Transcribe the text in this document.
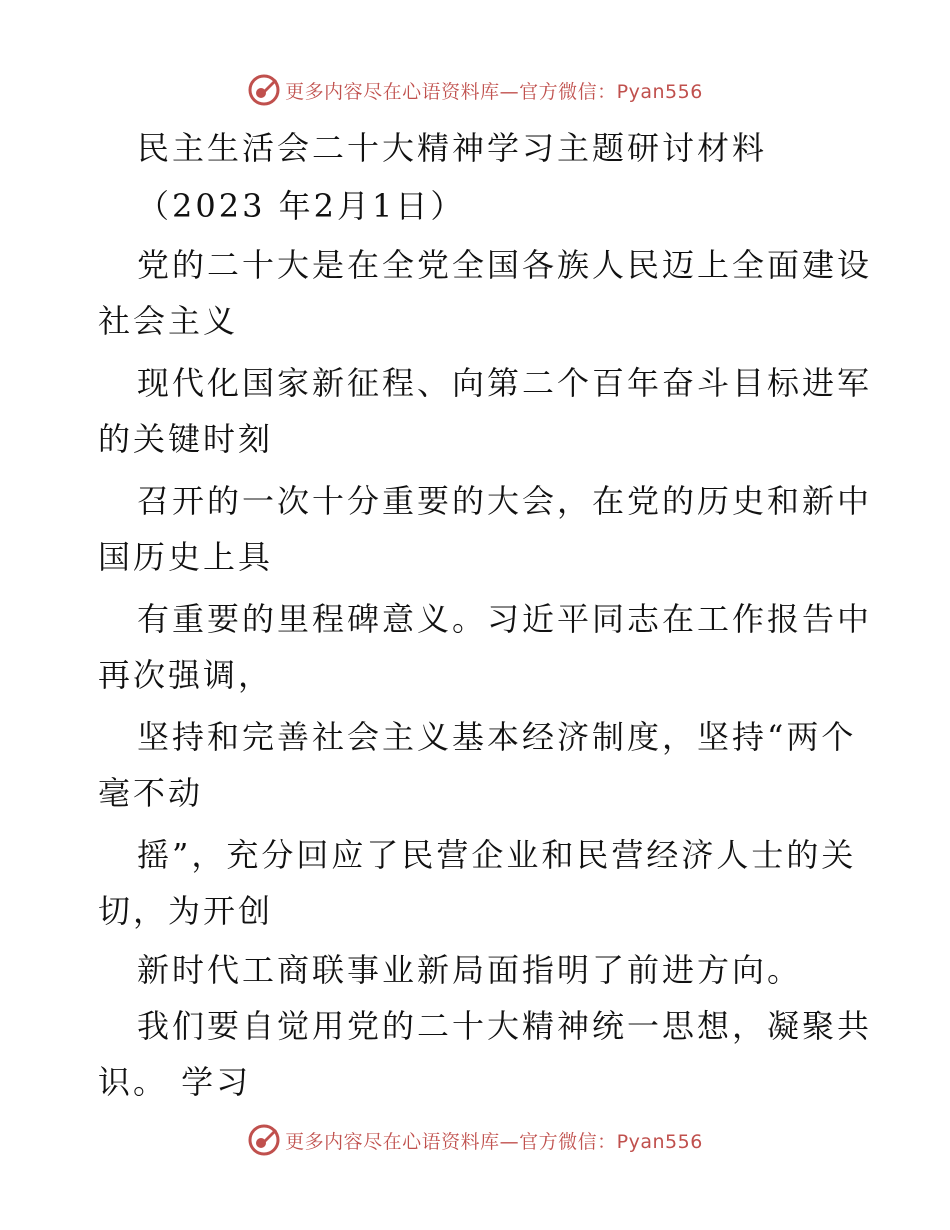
更多内容尽在心语资料库—官方微信：Pyan556
民主生活会二十大精神学习主题研讨材料
（2023 年2月1日）
党的二十大是在全党全国各族人民迈上全面建设
社会主义
现代化国家新征程、向第二个百年奋斗目标进军
的关键时刻
召开的一次十分重要的大会，在党的历史和新中
国历史上具
有重要的里程碑意义。习近平同志在工作报告中
再次强调，
坚持和完善社会主义基本经济制度，坚持“两个
毫不动
摇”，充分回应了民营企业和民营经济人士的关
切，为开创
新时代工商联事业新局面指明了前进方向。
我们要自觉用党的二十大精神统一思想，凝聚共
识。 学习
更多内容尽在心语资料库—官方微信：Pyan556
